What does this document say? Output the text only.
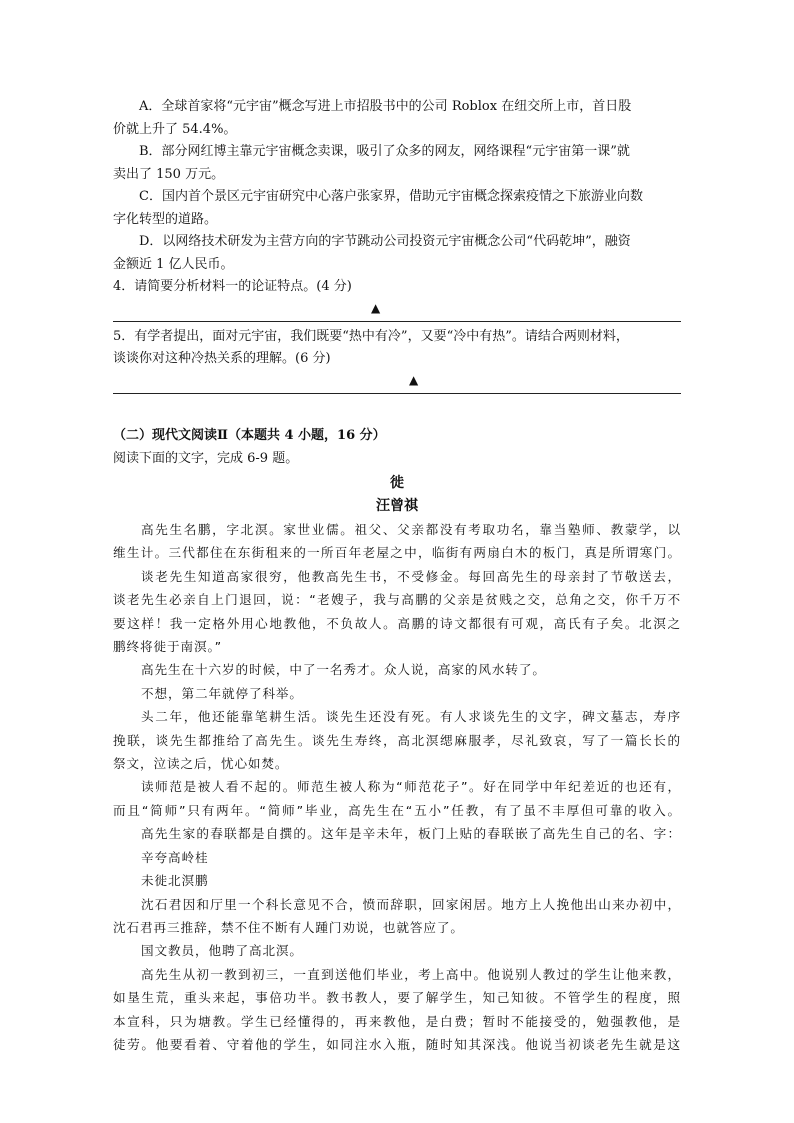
A．全球首家将“元宇宙”概念写进上市招股书中的公司 Roblox 在纽交所上市，首日股

价就上升了 54.4%。

B．部分网红博主靠元宇宙概念卖课，吸引了众多的网友，网络课程“元宇宙第一课”就

卖出了 150 万元。

C．国内首个景区元宇宙研究中心落户张家界，借助元宇宙概念探索疫情之下旅游业向数

字化转型的道路。

D．以网络技术研发为主营方向的字节跳动公司投资元宇宙概念公司“代码乾坤”，融资

金额近 1 亿人民币。

4．请简要分析材料一的论证特点。(4 分)

▲

5．有学者提出，面对元宇宙，我们既要“热中有冷”，又要“冷中有热”。请结合两则材料，

谈谈你对这种冷热关系的理解。(6 分)

▲

（二）现代文阅读Ⅱ（本题共 4 小题，16 分）

阅读下面的文字，完成 6-9 题。

徙

汪曾祺

高先生名鹏，字北溟。家世业儒。祖父、父亲都没有考取功名，靠当塾师、教蒙学，以

维生计。三代都住在东街租来的一所百年老屋之中，临街有两扇白木的板门，真是所谓寒门。

谈老先生知道高家很穷，他教高先生书，不受修金。每回高先生的母亲封了节敬送去，

谈老先生必亲自上门退回，说：“老嫂子，我与高鹏的父亲是贫贱之交，总角之交，你千万不

要这样！我一定格外用心地教他，不负故人。高鹏的诗文都很有可观，高氏有子矣。北溟之

鹏终将徙于南溟。”

高先生在十六岁的时候，中了一名秀才。众人说，高家的风水转了。

不想，第二年就停了科举。

头二年，他还能靠笔耕生活。谈先生还没有死。有人求谈先生的文字，碑文墓志，寿序

挽联，谈先生都推给了高先生。谈先生寿终，高北溟缌麻服孝，尽礼致哀，写了一篇长长的

祭文，泣读之后，忧心如焚。

读师范是被人看不起的。师范生被人称为“师范花子”。好在同学中年纪差近的也还有，

而且“简师”只有两年。“简师”毕业，高先生在“五小”任教，有了虽不丰厚但可靠的收入。

高先生家的春联都是自撰的。这年是辛未年，板门上贴的春联嵌了高先生自己的名、字：

辛夸高岭桂

未徙北溟鹏

沈石君因和厅里一个科长意见不合，愤而辞职，回家闲居。地方上人挽他出山来办初中，

沈石君再三推辞，禁不住不断有人踵门劝说，也就答应了。

国文教员，他聘了高北溟。

高先生从初一教到初三，一直到送他们毕业，考上高中。他说别人教过的学生让他来教，

如垦生荒，重头来起，事倍功半。教书教人，要了解学生，知己知彼。不管学生的程度，照

本宣科，只为塘教。学生已经懂得的，再来教他，是白费；暂时不能接受的，勉强教他，是

徒劳。他要看着、守着他的学生，如同注水入瓶，随时知其深浅。他说当初谈老先生就是这
